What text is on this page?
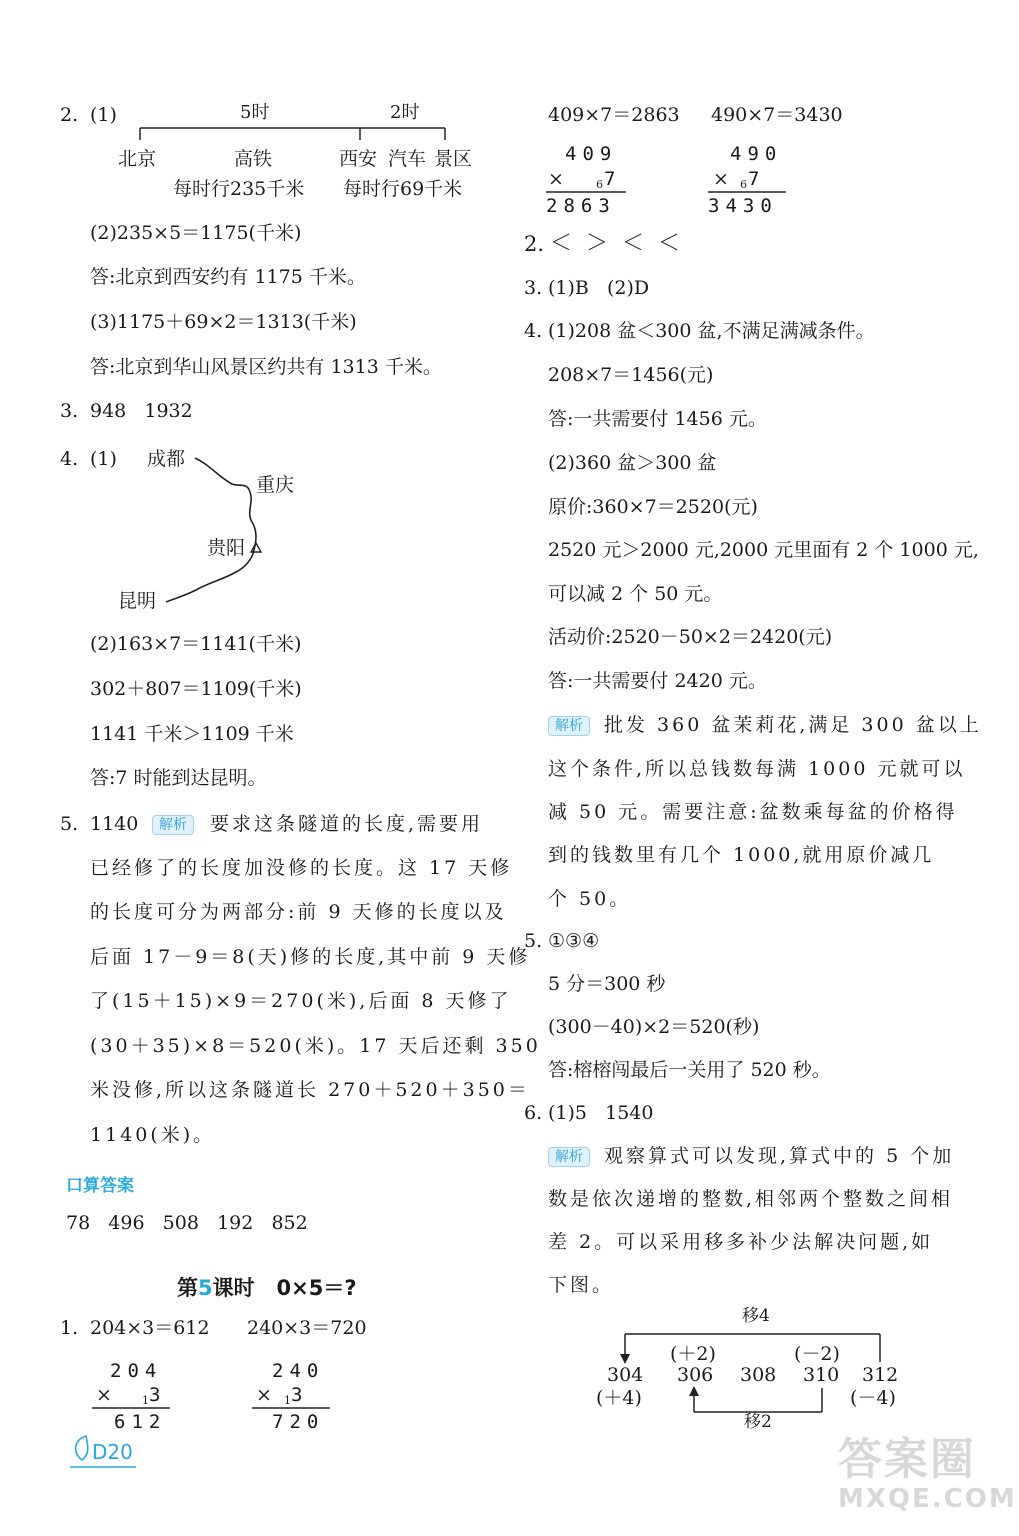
2. (1)	5时	2时
北京	高铁	西安 汽车 景区
每时行235千米 每时行69千米
(2)235×5＝1175(千米)
答:北京到西安约有 1175 千米。
(3)1175＋69×2＝1313(千米)
答:北京到华山风景区约共有 1313 千米。
3. 948   1932
4. (1) 成都
重庆
贵阳
昆明
(2)163×7＝1141(千米)
302＋807＝1109(千米)
1141 千米＞1109 千米
答:7 时能到达昆明。
5. 1140	解析	要求这条隧道的长度,需要用
已经修了的长度加没修的长度。这 17 天修
的长度可分为两部分:前 9 天修的长度以及
后面 17－9＝8(天)修的长度,其中前 9 天修
了(15＋15)×9＝270(米),后面 8 天修了
(30＋35)×8＝520(米)。17 天后还剩 350
米没修,所以这条隧道长 270＋520＋350＝
1140(米)。
口算答案
78   496   508   192   852
第5课时   0×5＝?
1. 204×3＝612 240×3＝720
204
×	1 3
612
240
× 1 3
720
D20
409×7＝2863 490×7＝3430
409
×	6 7
2863
490
× 6 7
3430
2. ＜  ＞  ＜  ＜
3. (1)B   (2)D
4. (1)208 盆＜300 盆,不满足满减条件。
208×7＝1456(元)
答:一共需要付 1456 元。
(2)360 盆＞300 盆
原价:360×7＝2520(元)
2520 元＞2000 元,2000 元里面有 2 个 1000 元,
可以减 2 个 50 元。
活动价:2520－50×2＝2420(元)
答:一共需要付 2420 元。
解析	批发 360 盆茉莉花,满足 300 盆以上
这个条件,所以总钱数每满 1000 元就可以
减 50 元。需要注意:盆数乘每盆的价格得
到的钱数里有几个 1000,就用原价减几
个 50。
5. ①③④
5 分＝300 秒
(300－40)×2＝520(秒)
答:榕榕闯最后一关用了 520 秒。
6. (1)5   1540
解析	观察算式可以发现,算式中的 5 个加
数是依次递增的整数,相邻两个整数之间相
差 2。可以采用移多补少法解决问题,如
下图。
移4
(＋2)	(－2)
304 306 308 310 312
(＋4)	(－4)
移2
答案圈
MXQE.COM
